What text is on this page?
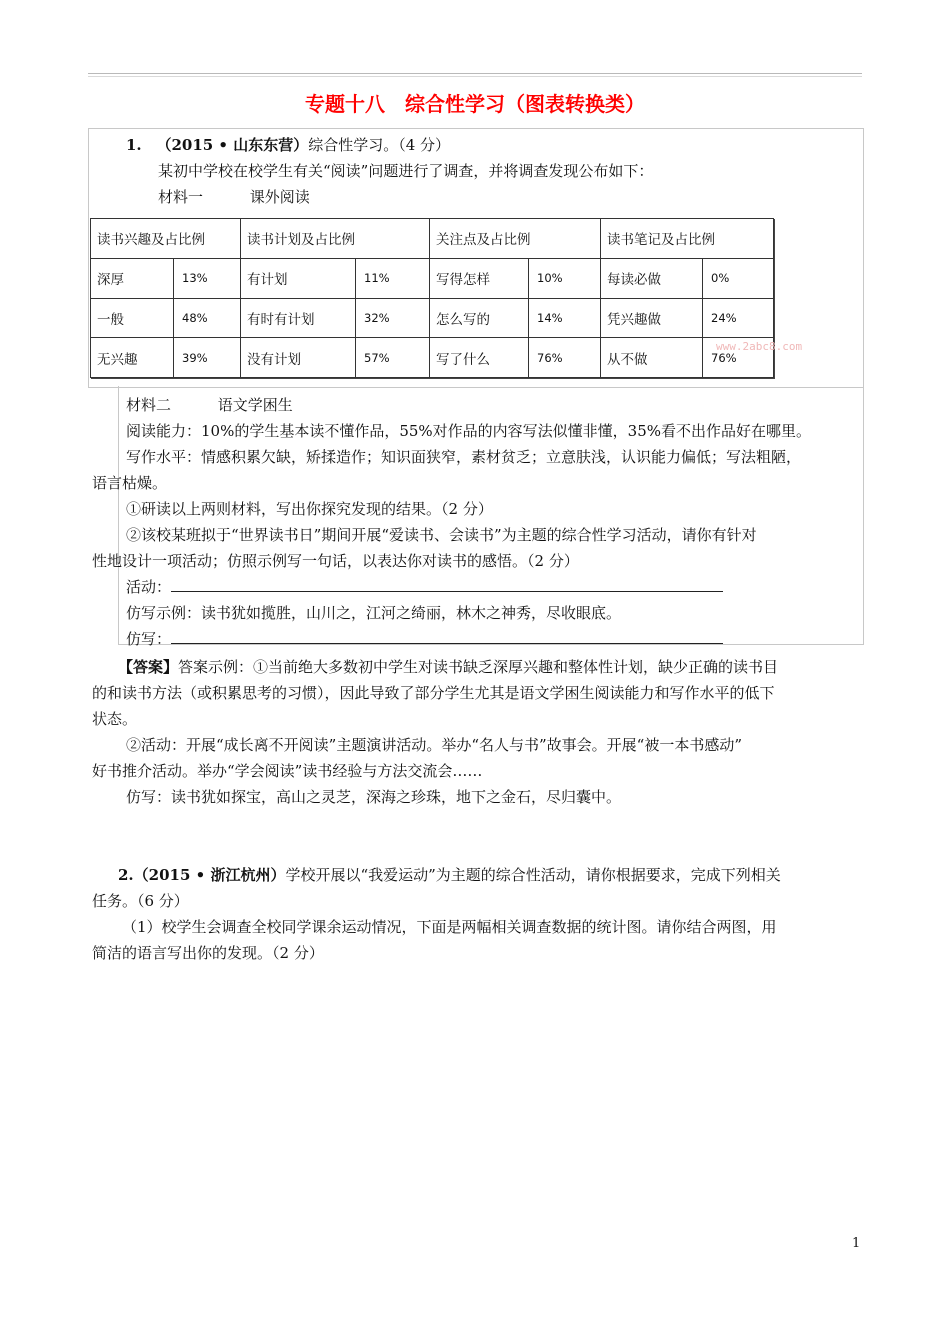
专题十八　综合性学习（图表转换类）
1. （2015 • 山东东营）综合性学习。（4 分）
某初中学校在校学生有关“阅读”问题进行了调查，并将调查发现公布如下：
材料一	课外阅读
读书兴趣及占比例		读书计划及占比例		关注点及占比例		读书笔记及占比例	
深厚	13%	有计划	11%	写得怎样	10%	每读必做	0%
一般	48%	有时有计划	32%	怎么写的	14%	凭兴趣做	24%
无兴趣	39%	没有计划	57%	写了什么	76%	从不做	76%
www.2abc8.com
材料二	语文学困生
阅读能力：10%的学生基本读不懂作品，55%对作品的内容写法似懂非懂，35%看不出作品好在哪里。
写作水平：情感积累欠缺，矫揉造作；知识面狭窄，素材贫乏；立意肤浅，认识能力偏低；写法粗陋，
语言枯燥。
①研读以上两则材料，写出你探究发现的结果。（2 分）
②该校某班拟于“世界读书日”期间开展“爱读书、会读书”为主题的综合性学习活动，请你有针对
性地设计一项活动；仿照示例写一句话，以表达你对读书的感悟。（2 分）
活动：
仿写示例：读书犹如揽胜，山川之，江河之绮丽，林木之神秀，尽收眼底。
仿写：
【答案】答案示例：①当前绝大多数初中学生对读书缺乏深厚兴趣和整体性计划，缺少正确的读书目
的和读书方法（或积累思考的习惯），因此导致了部分学生尤其是语文学困生阅读能力和写作水平的低下
状态。
②活动：开展“成长离不开阅读”主题演讲活动。举办“名人与书”故事会。开展“被一本书感动”
好书推介活动。举办“学会阅读”读书经验与方法交流会……
仿写：读书犹如探宝，高山之灵芝，深海之珍珠，地下之金石，尽归囊中。
2.（2015 • 浙江杭州）学校开展以“我爱运动”为主题的综合性活动，请你根据要求，完成下列相关
任务。（6 分）
（1）校学生会调查全校同学课余运动情况，下面是两幅相关调查数据的统计图。请你结合两图，用
简洁的语言写出你的发现。（2 分）
1
